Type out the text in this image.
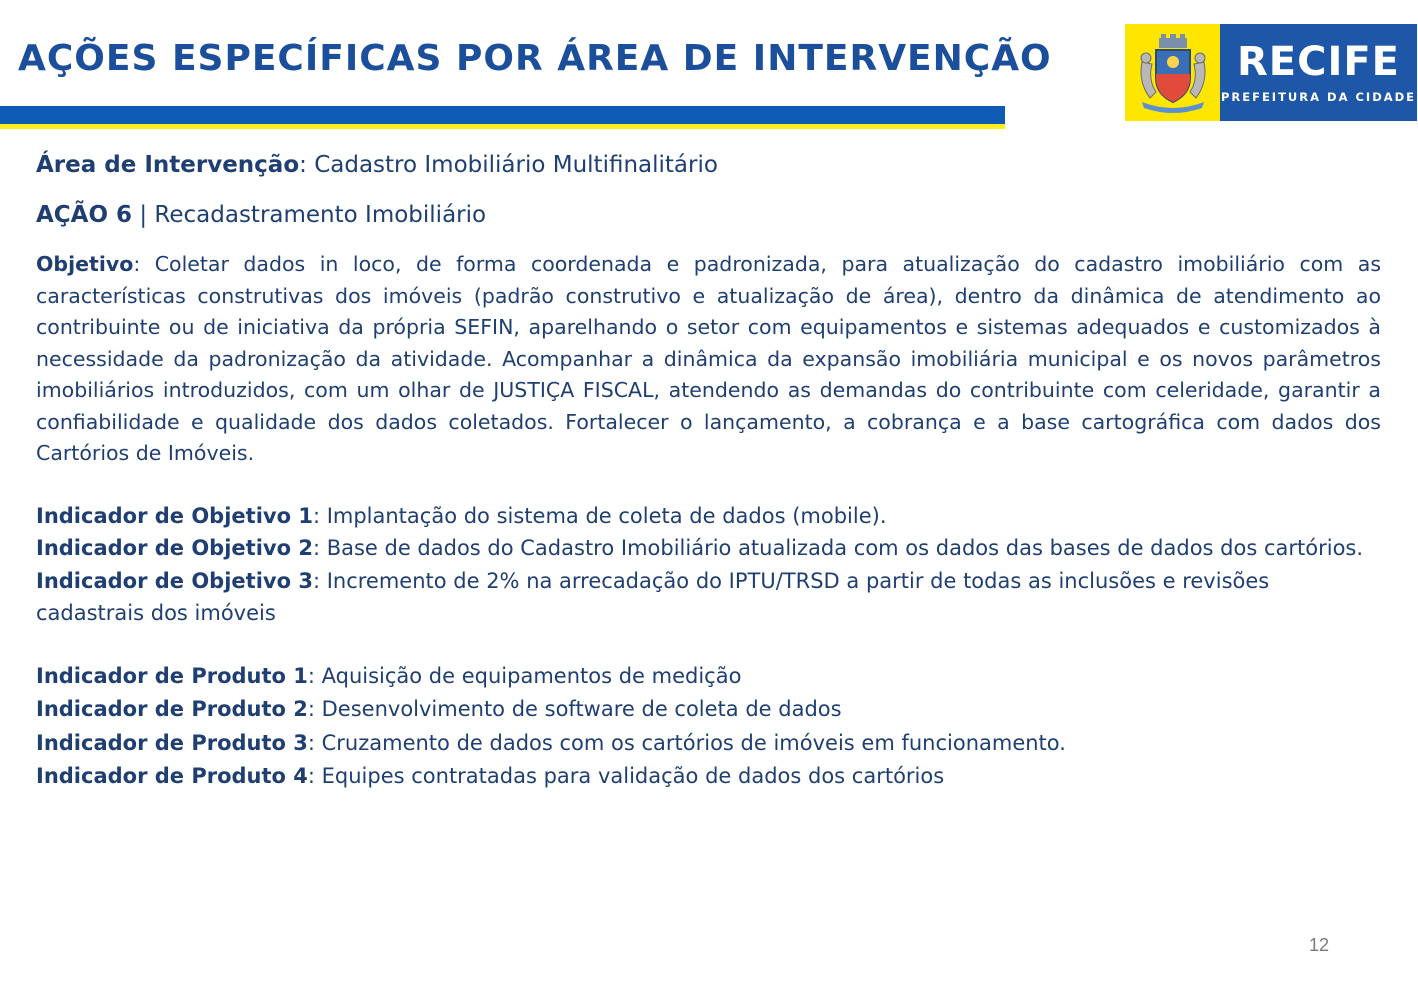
AÇÕES ESPECÍFICAS POR ÁREA DE INTERVENÇÃO	RECIFE
PREFEITURA DA CIDADE

Área de Intervenção: Cadastro Imobiliário Multifinalitário

AÇÃO 6 | Recadastramento Imobiliário

Objetivo: Coletar dados in loco, de forma coordenada e padronizada, para atualização do cadastro imobiliário com as características construtivas dos imóveis (padrão construtivo e atualização de área), dentro da dinâmica de atendimento ao contribuinte ou de iniciativa da própria SEFIN, aparelhando o setor com equipamentos e sistemas adequados e customizados à necessidade da padronização da atividade. Acompanhar a dinâmica da expansão imobiliária municipal e os novos parâmetros imobiliários introduzidos, com um olhar de JUSTIÇA FISCAL, atendendo as demandas do contribuinte com celeridade, garantir a confiabilidade e qualidade dos dados coletados. Fortalecer o lançamento, a cobrança e a base cartográfica com dados dos Cartórios de Imóveis.

Indicador de Objetivo 1: Implantação do sistema de coleta de dados (mobile).

Indicador de Objetivo 2: Base de dados do Cadastro Imobiliário atualizada com os dados das bases de dados dos cartórios.

Indicador de Objetivo 3: Incremento de 2% na arrecadação do IPTU/TRSD a partir de todas as inclusões e revisões cadastrais dos imóveis

Indicador de Produto 1: Aquisição de equipamentos de medição

Indicador de Produto 2: Desenvolvimento de software de coleta de dados

Indicador de Produto 3: Cruzamento de dados com os cartórios de imóveis em funcionamento.

Indicador de Produto 4: Equipes contratadas para validação de dados dos cartórios

12
